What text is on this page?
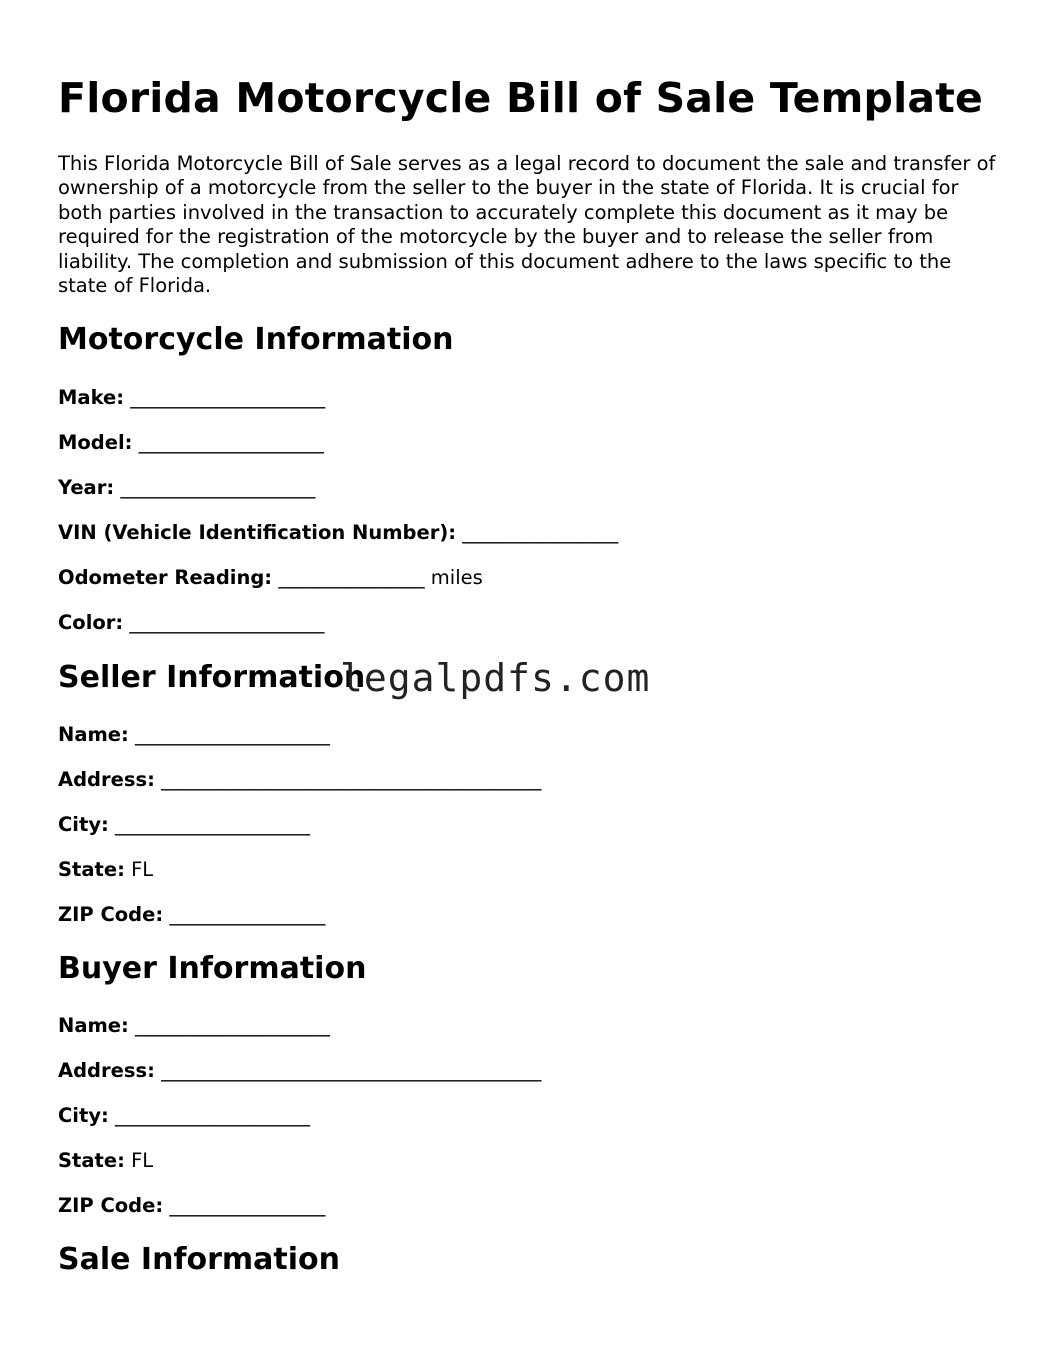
Florida Motorcycle Bill of Sale Template

This Florida Motorcycle Bill of Sale serves as a legal record to document the sale and transfer of ownership of a motorcycle from the seller to the buyer in the state of Florida. It is crucial for both parties involved in the transaction to accurately complete this document as it may be required for the registration of the motorcycle by the buyer and to release the seller from liability. The completion and submission of this document adhere to the laws specific to the state of Florida.

Motorcycle Information

Make: ____________________

Model: ___________________

Year: ____________________

VIN (Vehicle Identification Number): ________________

Odometer Reading: _______________ miles

Color: ____________________

Seller Information

Name: ____________________

Address: _______________________________________

City: ____________________

State: FL

ZIP Code: ________________

Buyer Information

Name: ____________________

Address: _______________________________________

City: ____________________

State: FL

ZIP Code: ________________

Sale Information
legalpdfs.com
